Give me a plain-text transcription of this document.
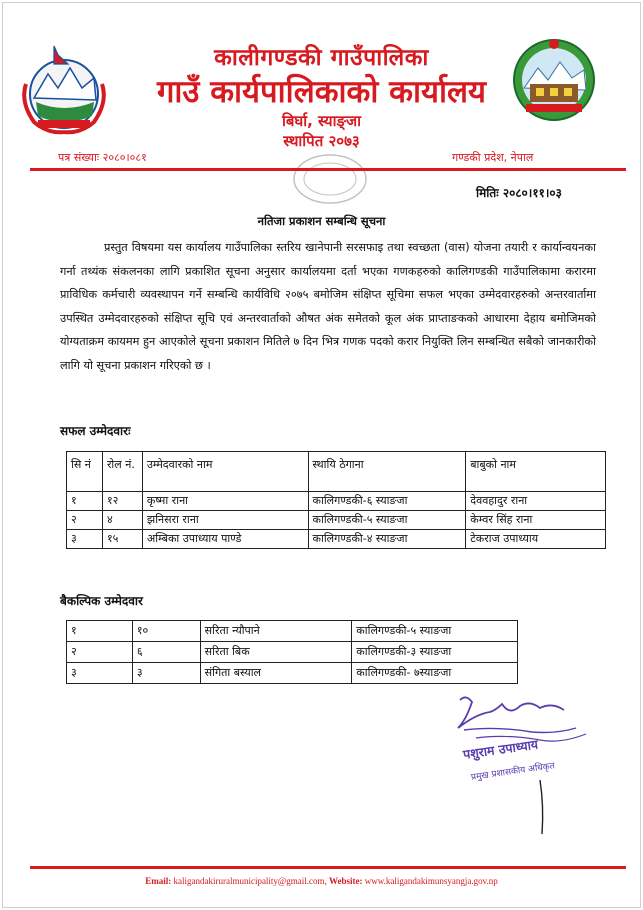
कालीगण्डकी गाउँपालिका
गाउँ कार्यपालिकाको कार्यालय
बिर्घा, स्याङ्जा
स्थापित २०७३
पत्र संख्याः २०८०।०८१	गण्डकी प्रदेश, नेपाल
मितिः २०८०।११।०३
नतिजा प्रकाशन सम्बन्धि सूचना

प्रस्तुत विषयमा यस कार्यालय गाउँपालिका स्तरिय खानेपानी सरसफाइ तथा स्वच्छता (वास) योजना तयारी र कार्यान्वयनका गर्ना तथ्यंक संकलनका लागि प्रकाशित सूचना अनुसार कार्यालयमा दर्ता भएका गणकहरुको कालिगण्डकी गाउँपालिकामा करारमा प्राविधिक कर्मचारी व्यवस्थापन गर्ने सम्बन्धि कार्यविधि २०७५ बमोजिम संक्षिप्त सूचिमा सफल भएका उम्मेदवारहरुको अन्तरवार्तामा उपस्थित उम्मेदवारहरुको संक्षिप्त सूचि एवं अन्तरवार्ताको औषत अंक समेतको कूल अंक प्राप्ताङकको आधारमा देहाय बमोजिमको योग्यताक्रम कायमम हुन आएकोले सूचना प्रकाशन मितिले ७ दिन भित्र गणक पदको करार नियुक्ति लिन सम्बन्धित सबैको जानकारीको लागि यो सूचना प्रकाशन गरिएको छ ।

सफल उम्मेदवारः
सि नं	रोल नं.	उम्मेदवारको नाम	स्थायि ठेगाना	बाबुको नाम
१	१२	कृष्मा राना	कालिगण्डकी-६ स्याङजा	देववहादुर राना
२	४	झनिसरा राना	कालिगण्डकी-५ स्याङजा	केम्वर सिंह राना
३	१५	अम्बिका उपाध्याय पाण्डे	कालिगण्डकी-४ स्याङजा	टेकराज उपाध्याय
बैकल्पिक उम्मेदवार
१	१०	सरिता न्यौपाने	कालिगण्डकी-५ स्याङजा
२	६	सरिता बिक	कालिगण्डकी-३ स्याङजा
३	३	संगिता बस्याल	कालिगण्डकी- ७स्याङजा
पशुराम उपाध्याय
प्रमुख प्रशासकीय अधिकृत
Email: kaligandakiruralmunicipality@gmail.com, Website: www.kaligandakimunsyangja.gov.np
